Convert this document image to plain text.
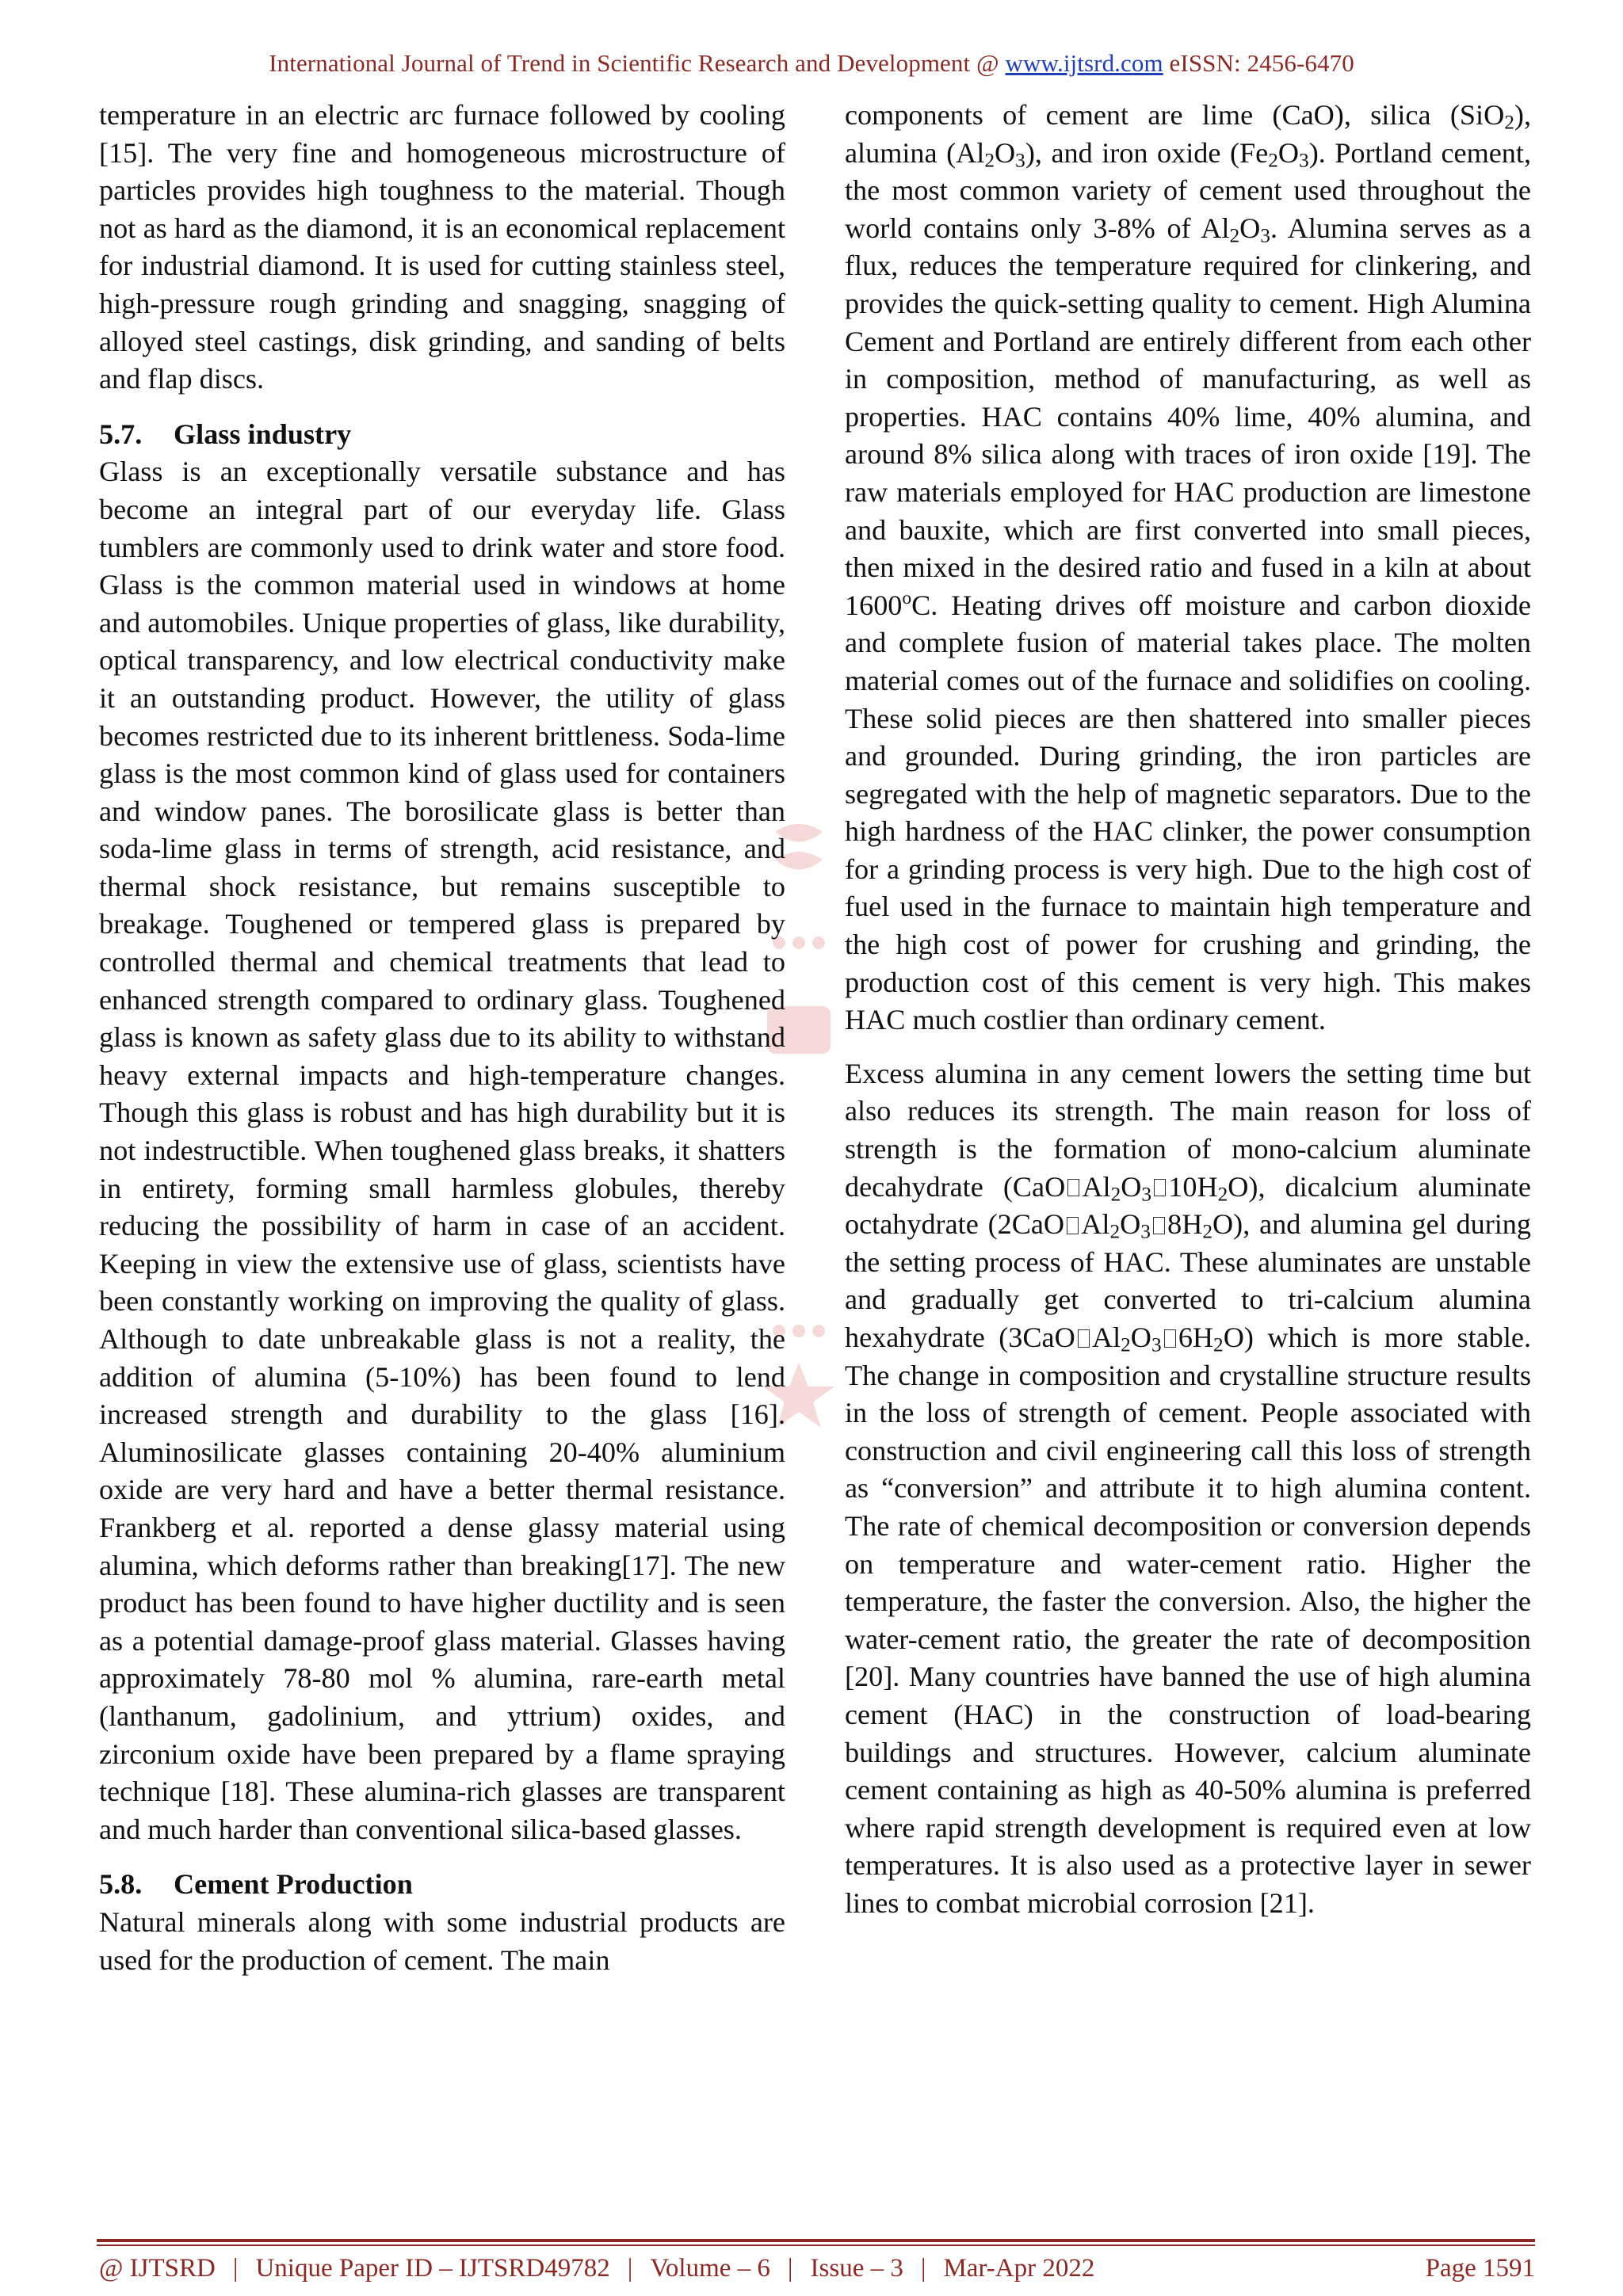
International Journal of Trend in Scientific Research and Development @ www.ijtsrd.com eISSN: 2456-6470

temperature in an electric arc furnace followed by cooling [15]. The very fine and homogeneous microstructure of particles provides high toughness to the material. Though not as hard as the diamond, it is an economical replacement for industrial diamond. It is used for cutting stainless steel, high-pressure rough grinding and snagging, snagging of alloyed steel castings, disk grinding, and sanding of belts and flap discs.

5.7. Glass industry

Glass is an exceptionally versatile substance and has become an integral part of our everyday life. Glass tumblers are commonly used to drink water and store food. Glass is the common material used in windows at home and automobiles. Unique properties of glass, like durability, optical transparency, and low electrical conductivity make it an outstanding product. However, the utility of glass becomes restricted due to its inherent brittleness. Soda-lime glass is the most common kind of glass used for containers and window panes. The borosilicate glass is better than soda-lime glass in terms of strength, acid resistance, and thermal shock resistance, but remains susceptible to breakage. Toughened or tempered glass is prepared by controlled thermal and chemical treatments that lead to enhanced strength compared to ordinary glass. Toughened glass is known as safety glass due to its ability to withstand heavy external impacts and high-temperature changes. Though this glass is robust and has high durability but it is not indestructible. When toughened glass breaks, it shatters in entirety, forming small harmless globules, thereby reducing the possibility of harm in case of an accident. Keeping in view the extensive use of glass, scientists have been constantly working on improving the quality of glass. Although to date unbreakable glass is not a reality, the addition of alumina (5-10%) has been found to lend increased strength and durability to the glass [16]. Aluminosilicate glasses containing 20-40% aluminium oxide are very hard and have a better thermal resistance. Frankberg et al. reported a dense glassy material using alumina, which deforms rather than breaking[17]. The new product has been found to have higher ductility and is seen as a potential damage-proof glass material. Glasses having approximately 78-80 mol % alumina, rare-earth metal (lanthanum, gadolinium, and yttrium) oxides, and zirconium oxide have been prepared by a flame spraying technique [18]. These alumina-rich glasses are transparent and much harder than conventional silica-based glasses.

5.8. Cement Production

Natural minerals along with some industrial products are used for the production of cement. The main

components of cement are lime (CaO), silica (SiO$_2$), alumina $(Al_2O_3)$, and iron oxide $(Fe_2O_3)$. Portland cement, the most common variety of cement used throughout the world contains only 3-8% of $Al_2O_3$. Alumina serves as a flux, reduces the temperature required for clinkering, and provides the quick-setting quality to cement. High Alumina Cement and Portland are entirely different from each other in composition, method of manufacturing, as well as properties. HAC contains 40% lime, 40% alumina, and around 8% silica along with traces of iron oxide [19]. The raw materials employed for HAC production are limestone and bauxite, which are first converted into small pieces, then mixed in the desired ratio and fused in a kiln at about 1600$^o$C. Heating drives off moisture and carbon dioxide and complete fusion of material takes place. The molten material comes out of the furnace and solidifies on cooling. These solid pieces are then shattered into smaller pieces and grounded. During grinding, the iron particles are segregated with the help of magnetic separators. Due to the high hardness of the HAC clinker, the power consumption for a grinding process is very high. Due to the high cost of fuel used in the furnace to maintain high temperature and the high cost of power for crushing and grinding, the production cost of this cement is very high. This makes HAC much costlier than ordinary cement.

Excess alumina in any cement lowers the setting time but also reduces its strength. The main reason for loss of strength is the formation of mono-calcium aluminate decahydrate (CaO $Al_2O_3$ $10H_2O$), dicalcium aluminate octahydrate (2CaO $Al_2O_3$ $8H_2O$), and alumina gel during the setting process of HAC. These aluminates are unstable and gradually get converted to tri-calcium alumina hexahydrate (3CaO $Al_2O_3$ $6H_2O$) which is more stable. The change in composition and crystalline structure results in the loss of strength of cement. People associated with construction and civil engineering call this loss of strength as “conversion” and attribute it to high alumina content. The rate of chemical decomposition or conversion depends on temperature and water-cement ratio. Higher the temperature, the faster the conversion. Also, the higher the water-cement ratio, the greater the rate of decomposition [20]. Many countries have banned the use of high alumina cement (HAC) in the construction of load-bearing buildings and structures. However, calcium aluminate cement containing as high as 40-50% alumina is preferred where rapid strength development is required even at low temperatures. It is also used as a protective layer in sewer lines to combat microbial corrosion [21].

@ IJTSRD | Unique Paper ID – IJTSRD49782 | Volume – 6 | Issue – 3 | Mar-Apr 2022	Page 1591
